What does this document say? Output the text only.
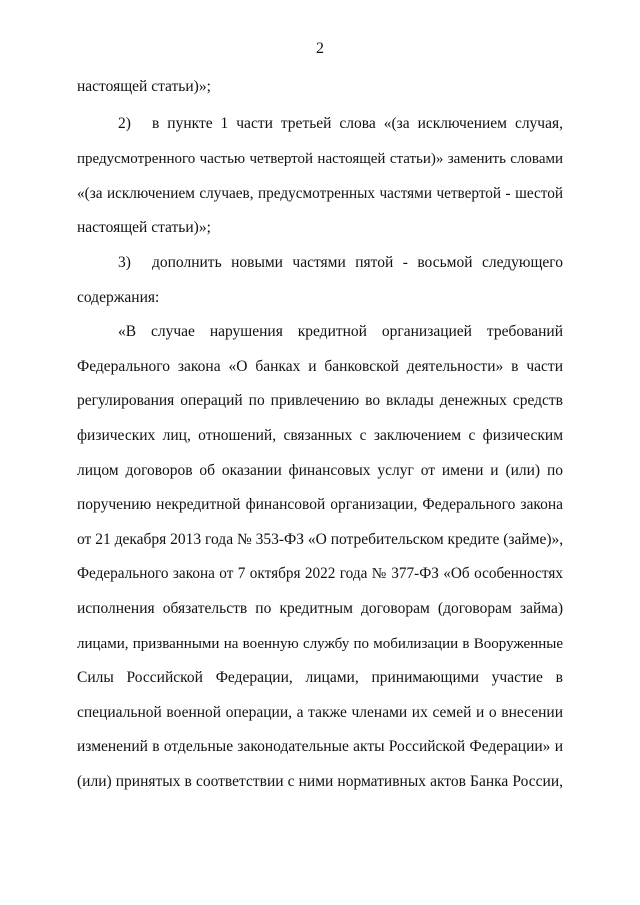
2
настоящей статьи)»;
2)	в пункте 1 части третьей слова «(за исключением случая,
предусмотренного частью четвертой настоящей статьи)» заменить словами
«(за исключением случаев, предусмотренных частями четвертой - шестой
настоящей статьи)»;
3)	дополнить новыми частями пятой - восьмой следующего
содержания:
«В случае нарушения кредитной организацией требований
Федерального закона «О банках и банковской деятельности» в части
регулирования операций по привлечению во вклады денежных средств
физических лиц, отношений, связанных с заключением с физическим
лицом договоров об оказании финансовых услуг от имени и (или) по
поручению некредитной финансовой организации, Федерального закона
от 21 декабря 2013 года № 353-ФЗ «О потребительском кредите (займе)»,
Федерального закона от 7 октября 2022 года № 377-ФЗ «Об особенностях
исполнения обязательств по кредитным договорам (договорам займа)
лицами, призванными на военную службу по мобилизации в Вооруженные
Силы Российской Федерации, лицами, принимающими участие в
специальной военной операции, а также членами их семей и о внесении
изменений в отдельные законодательные акты Российской Федерации» и
(или) принятых в соответствии с ними нормативных актов Банка России,
